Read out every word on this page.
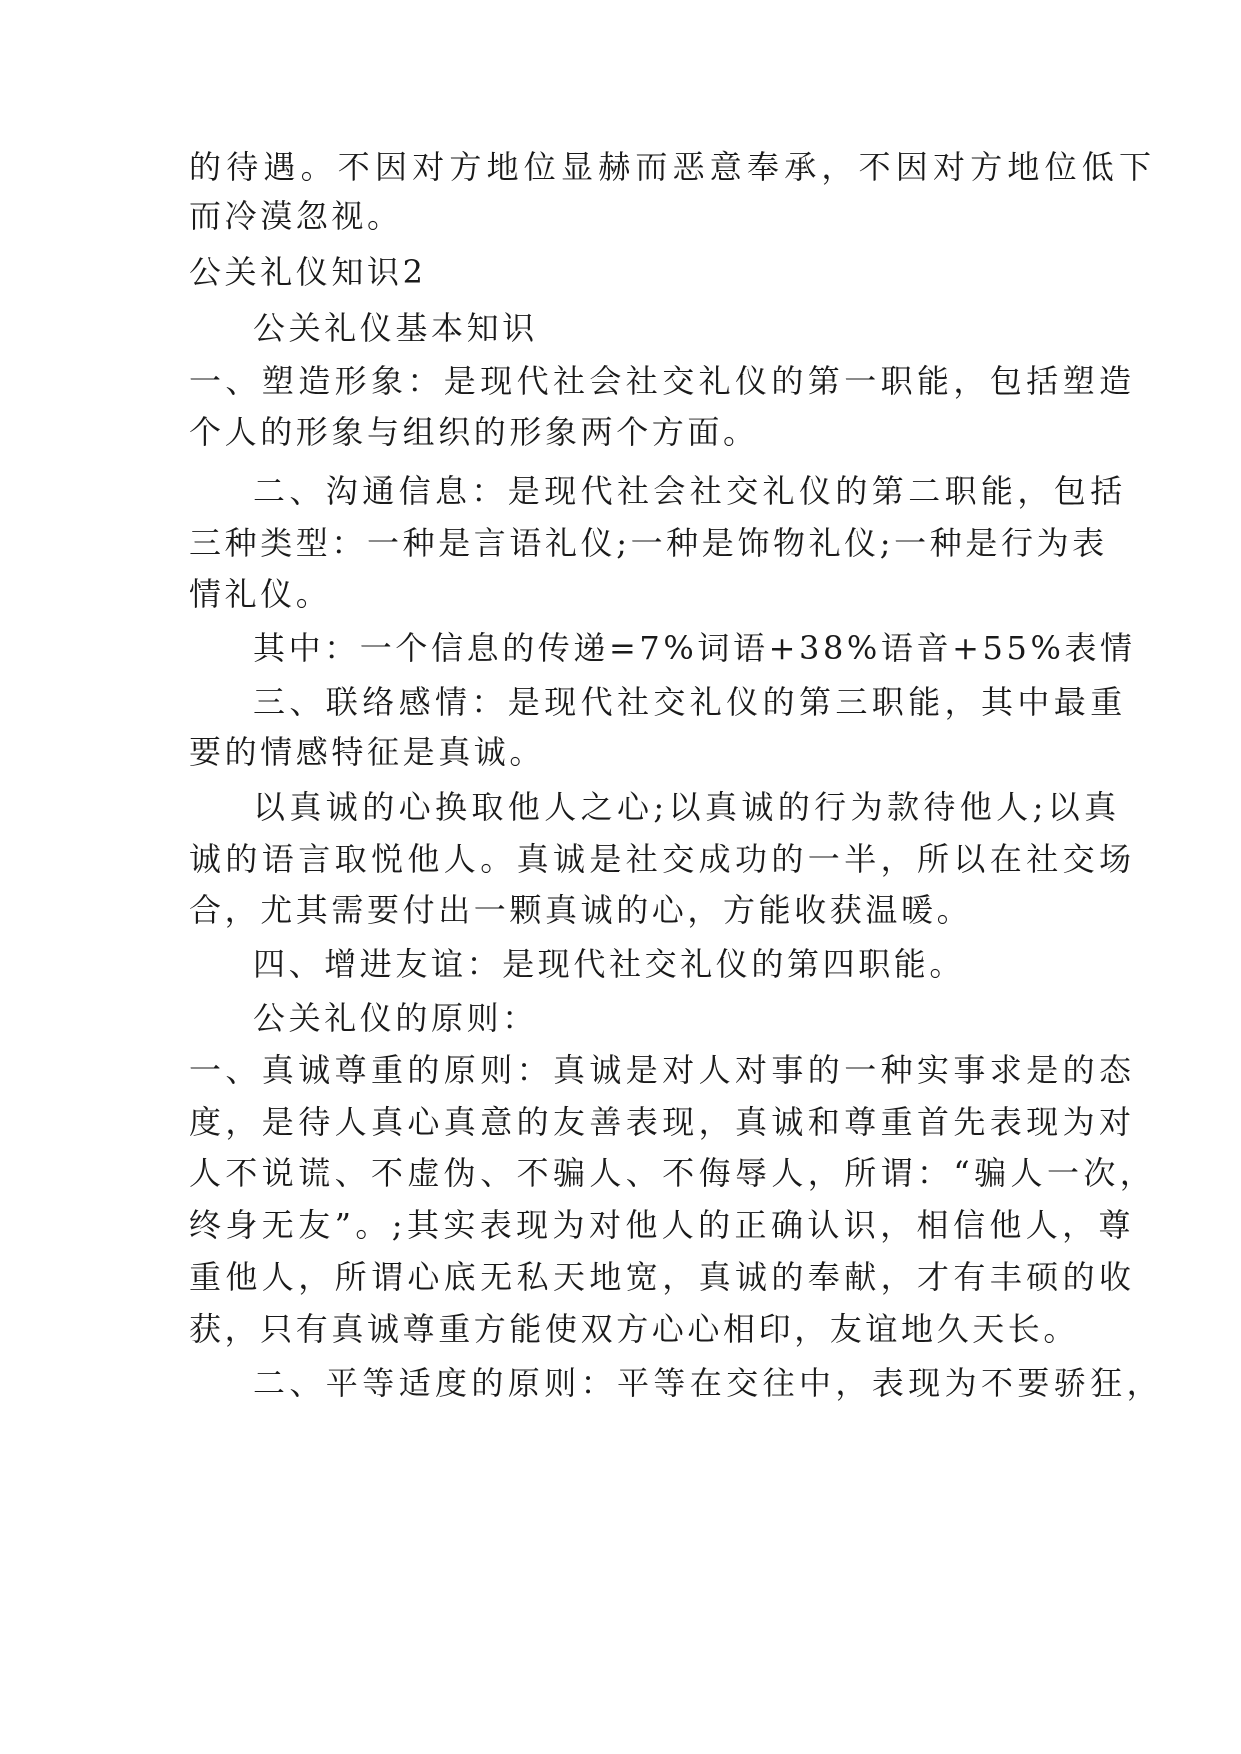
的待遇。不因对方地位显赫而恶意奉承，不因对方地位低下
而冷漠忽视。
公关礼仪知识2
公关礼仪基本知识
一、塑造形象：是现代社会社交礼仪的第一职能，包括塑造
个人的形象与组织的形象两个方面。
二、沟通信息：是现代社会社交礼仪的第二职能，包括
三种类型：一种是言语礼仪;一种是饰物礼仪;一种是行为表
情礼仪。
其中：一个信息的传递=7%词语+38%语音+55%表情
三、联络感情：是现代社交礼仪的第三职能，其中最重
要的情感特征是真诚。
以真诚的心换取他人之心;以真诚的行为款待他人;以真
诚的语言取悦他人。真诚是社交成功的一半，所以在社交场
合，尤其需要付出一颗真诚的心，方能收获温暖。
四、增进友谊：是现代社交礼仪的第四职能。
公关礼仪的原则：
一、真诚尊重的原则：真诚是对人对事的一种实事求是的态
度，是待人真心真意的友善表现，真诚和尊重首先表现为对
人不说谎、不虚伪、不骗人、不侮辱人，所谓：“骗人一次，
终身无友”。;其实表现为对他人的正确认识，相信他人，尊
重他人，所谓心底无私天地宽，真诚的奉献，才有丰硕的收
获，只有真诚尊重方能使双方心心相印，友谊地久天长。
二、平等适度的原则：平等在交往中，表现为不要骄狂，
